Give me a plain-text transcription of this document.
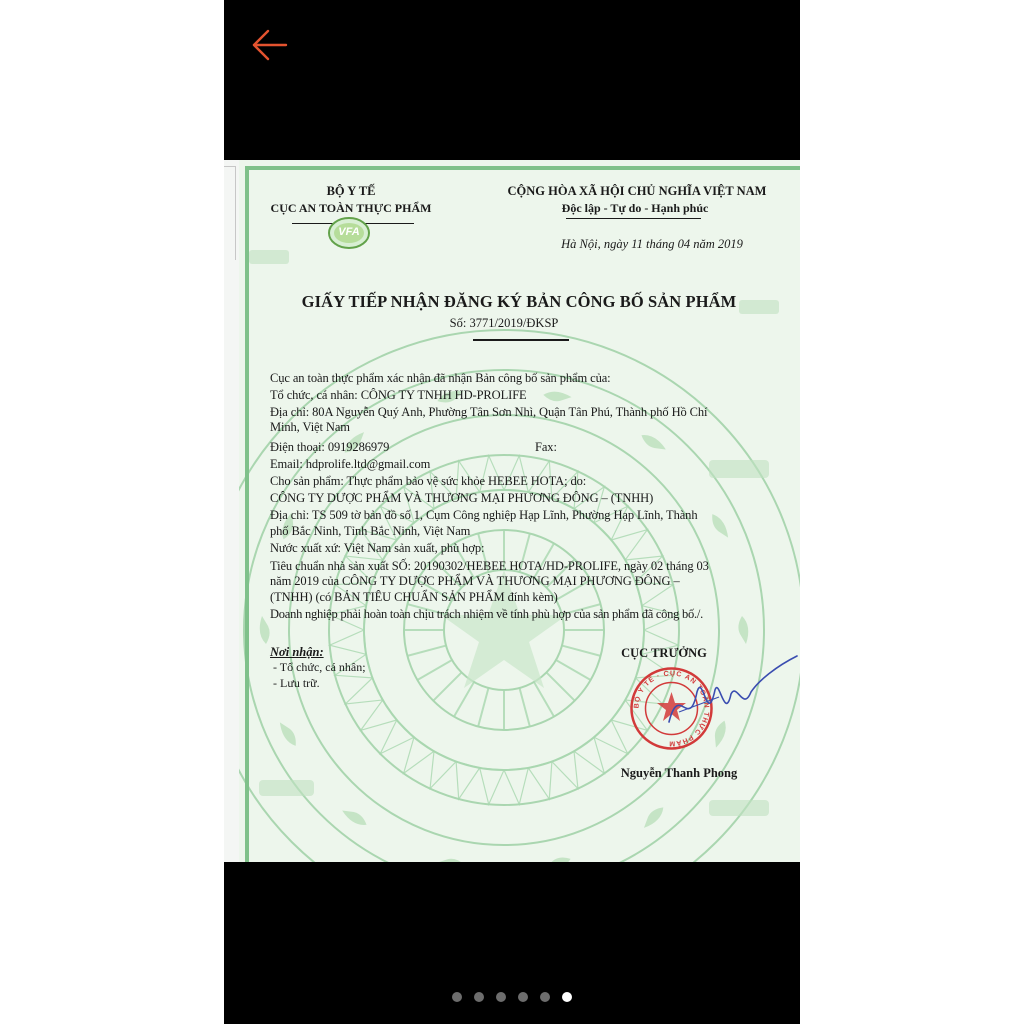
BỘ Y TẾ
CỤC AN TOÀN THỰC PHẨM
VFA
CỘNG HÒA XÃ HỘI CHỦ NGHĨA VIỆT NAM
Độc lập - Tự do - Hạnh phúc
Hà Nội, ngày 11 tháng 04 năm 2019
GIẤY TIẾP NHẬN ĐĂNG KÝ BẢN CÔNG BỐ SẢN PHẨM
Số: 3771/2019/ĐKSP
Cục an toàn thực phẩm xác nhận đã nhận Bản công bố sản phẩm của:
Tổ chức, cá nhân: CÔNG TY TNHH HD-PROLIFE
Địa chỉ: 80A Nguyễn Quý Anh, Phường Tân Sơn Nhì, Quận Tân Phú, Thành phố Hồ Chí
Minh, Việt Nam
Điện thoại: 0919286979	Fax:
Email: hdprolife.ltd@gmail.com
Cho sản phẩm: Thực phẩm bảo vệ sức khỏe HEBEE HOTA; do:
CÔNG TY DƯỢC PHẨM VÀ THƯƠNG MẠI PHƯƠNG ĐÔNG – (TNHH)
Địa chỉ: TS 509 tờ bản đồ số 1, Cụm Công nghiệp Hạp Lĩnh, Phường Hạp Lĩnh, Thành
phố Bắc Ninh, Tỉnh Bắc Ninh, Việt Nam
Nước xuất xứ: Việt Nam sản xuất, phù hợp:
Tiêu chuẩn nhà sản xuất SỐ: 20190302/HEBEE HOTA/HD-PROLIFE, ngày 02 tháng 03
năm 2019 của CÔNG TY DƯỢC PHẨM VÀ THƯƠNG MẠI PHƯƠNG ĐÔNG –
(TNHH) (có BẢN TIÊU CHUẨN SẢN PHẨM đính kèm)
Doanh nghiệp phải hoàn toàn chịu trách nhiệm về tính phù hợp của sản phẩm đã công bố./.
Nơi nhận:
- Tổ chức, cá nhân;
- Lưu trữ.
CỤC TRƯỞNG
BỘ Y TẾ · CỤC AN TOÀN THỰC PHẨM
Nguyễn Thanh Phong
